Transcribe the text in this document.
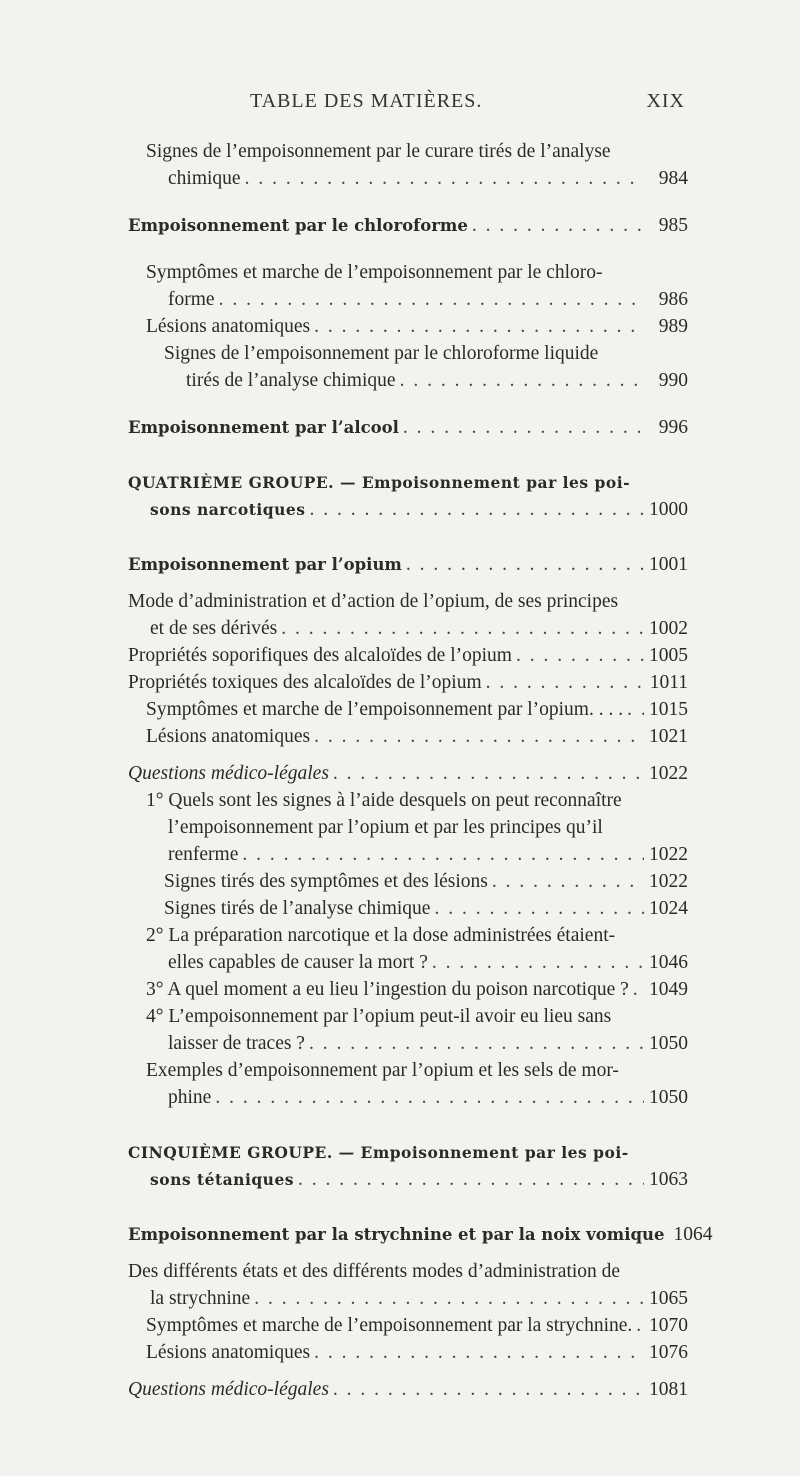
TABLE DES MATIÈRES.	XIX
Signes de l’empoisonnement par le curare tirés de l’analyse
chimique . . .	984
Empoisonnement par le chloroforme . . .	985
Symptômes et marche de l’empoisonnement par le chloro-
forme . . .	986
Lésions anatomiques . . .	989
Signes de l’empoisonnement par le chloroforme liquide
tirés de l’analyse chimique . . .	990
Empoisonnement par l’alcool . . .	996
QUATRIÈME GROUPE. — Empoisonnement par les poi-
sons narcotiques . . .	1000
Empoisonnement par l’opium . . .	1001
Mode d’administration et d’action de l’opium, de ses principes
et de ses dérivés . . .	1002
Propriétés soporifiques des alcaloïdes de l’opium . . .	1005
Propriétés toxiques des alcaloïdes de l’opium . . .	1011
Symptômes et marche de l’empoisonnement par l’opium. . . . . . . 1015
Lésions anatomiques . . .	1021
Questions médico-légales . . .	1022
1° Quels sont les signes à l’aide desquels on peut reconnaître
l’empoisonnement par l’opium et par les principes qu’il
renferme . . .	1022
Signes tirés des symptômes et des lésions . . .	1022
Signes tirés de l’analyse chimique . . .	1024
2° La préparation narcotique et la dose administrées étaient-
elles capables de causer la mort ? . . .	1046
3° A quel moment a eu lieu l’ingestion du poison narcotique ? . . . 1049
4° L’empoisonnement par l’opium peut-il avoir eu lieu sans
laisser de traces ? . . .	1050
Exemples d’empoisonnement par l’opium et les sels de mor-
phine . . .	1050
CINQUIÈME GROUPE. — Empoisonnement par les poi-
sons tétaniques . . .	1063
Empoisonnement par la strychnine et par la noix vomique 1064
Des différents états et des différents modes d’administration de
la strychnine . . .	1065
Symptômes et marche de l’empoisonnement par la strychnine. . . . 1070
Lésions anatomiques . . .	1076
Questions médico-légales . . .	1081
